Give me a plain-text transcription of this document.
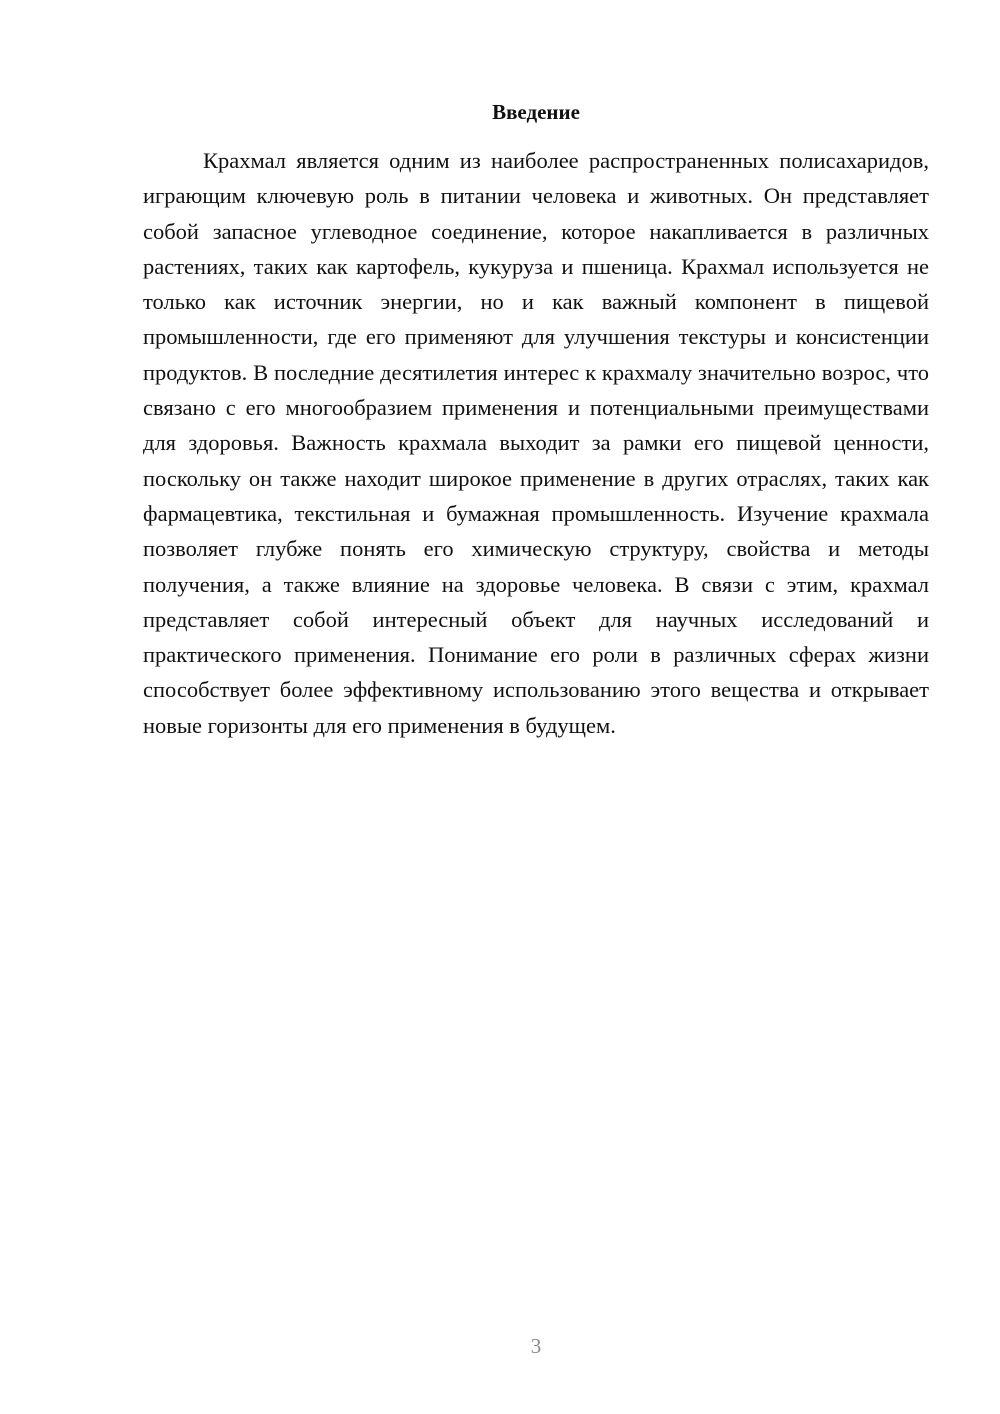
Введение

Крахмал является одним из наиболее распространенных полисахаридов, играющим ключевую роль в питании человека и животных. Он представляет собой запасное углеводное соединение, которое накапливается в различных растениях, таких как картофель, кукуруза и пшеница. Крахмал используется не только как источник энергии, но и как важный компонент в пищевой промышленности, где его применяют для улучшения текстуры и консистенции продуктов. В последние десятилетия интерес к крахмалу значительно возрос, что связано с его многообразием применения и потенциальными преимуществами для здоровья. Важность крахмала выходит за рамки его пищевой ценности, поскольку он также находит широкое применение в других отраслях, таких как фармацевтика, текстильная и бумажная промышленность. Изучение крахмала позволяет глубже понять его химическую структуру, свойства и методы получения, а также влияние на здоровье человека. В связи с этим, крахмал представляет собой интересный объект для научных исследований и практического применения. Понимание его роли в различных сферах жизни способствует более эффективному использованию этого вещества и открывает новые горизонты для его применения в будущем.

3
